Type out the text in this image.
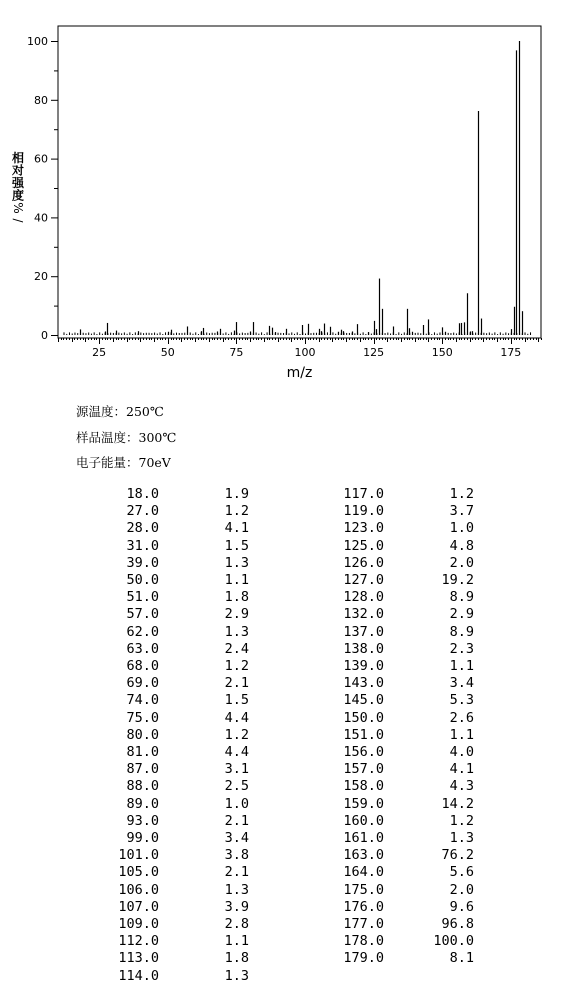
0
20
40
60
80
100
25	50	75	100	125	150	175
相
对
强
度
%
/
m/z
源温度：250℃
样品温度：300℃
电子能量：70eV
18.0	1.9
27.0	1.2
28.0	4.1
31.0	1.5
39.0	1.3
50.0	1.1
51.0	1.8
57.0	2.9
62.0	1.3
63.0	2.4
68.0	1.2
69.0	2.1
74.0	1.5
75.0	4.4
80.0	1.2
81.0	4.4
87.0	3.1
88.0	2.5
89.0	1.0
93.0	2.1
99.0	3.4
101.0	3.8
105.0	2.1
106.0	1.3
107.0	3.9
109.0	2.8
112.0	1.1
113.0	1.8
114.0	1.3
117.0	1.2
119.0	3.7
123.0	1.0
125.0	4.8
126.0	2.0
127.0	19.2
128.0	8.9
132.0	2.9
137.0	8.9
138.0	2.3
139.0	1.1
143.0	3.4
145.0	5.3
150.0	2.6
151.0	1.1
156.0	4.0
157.0	4.1
158.0	4.3
159.0	14.2
160.0	1.2
161.0	1.3
163.0	76.2
164.0	5.6
175.0	2.0
176.0	9.6
177.0	96.8
178.0	100.0
179.0	8.1
